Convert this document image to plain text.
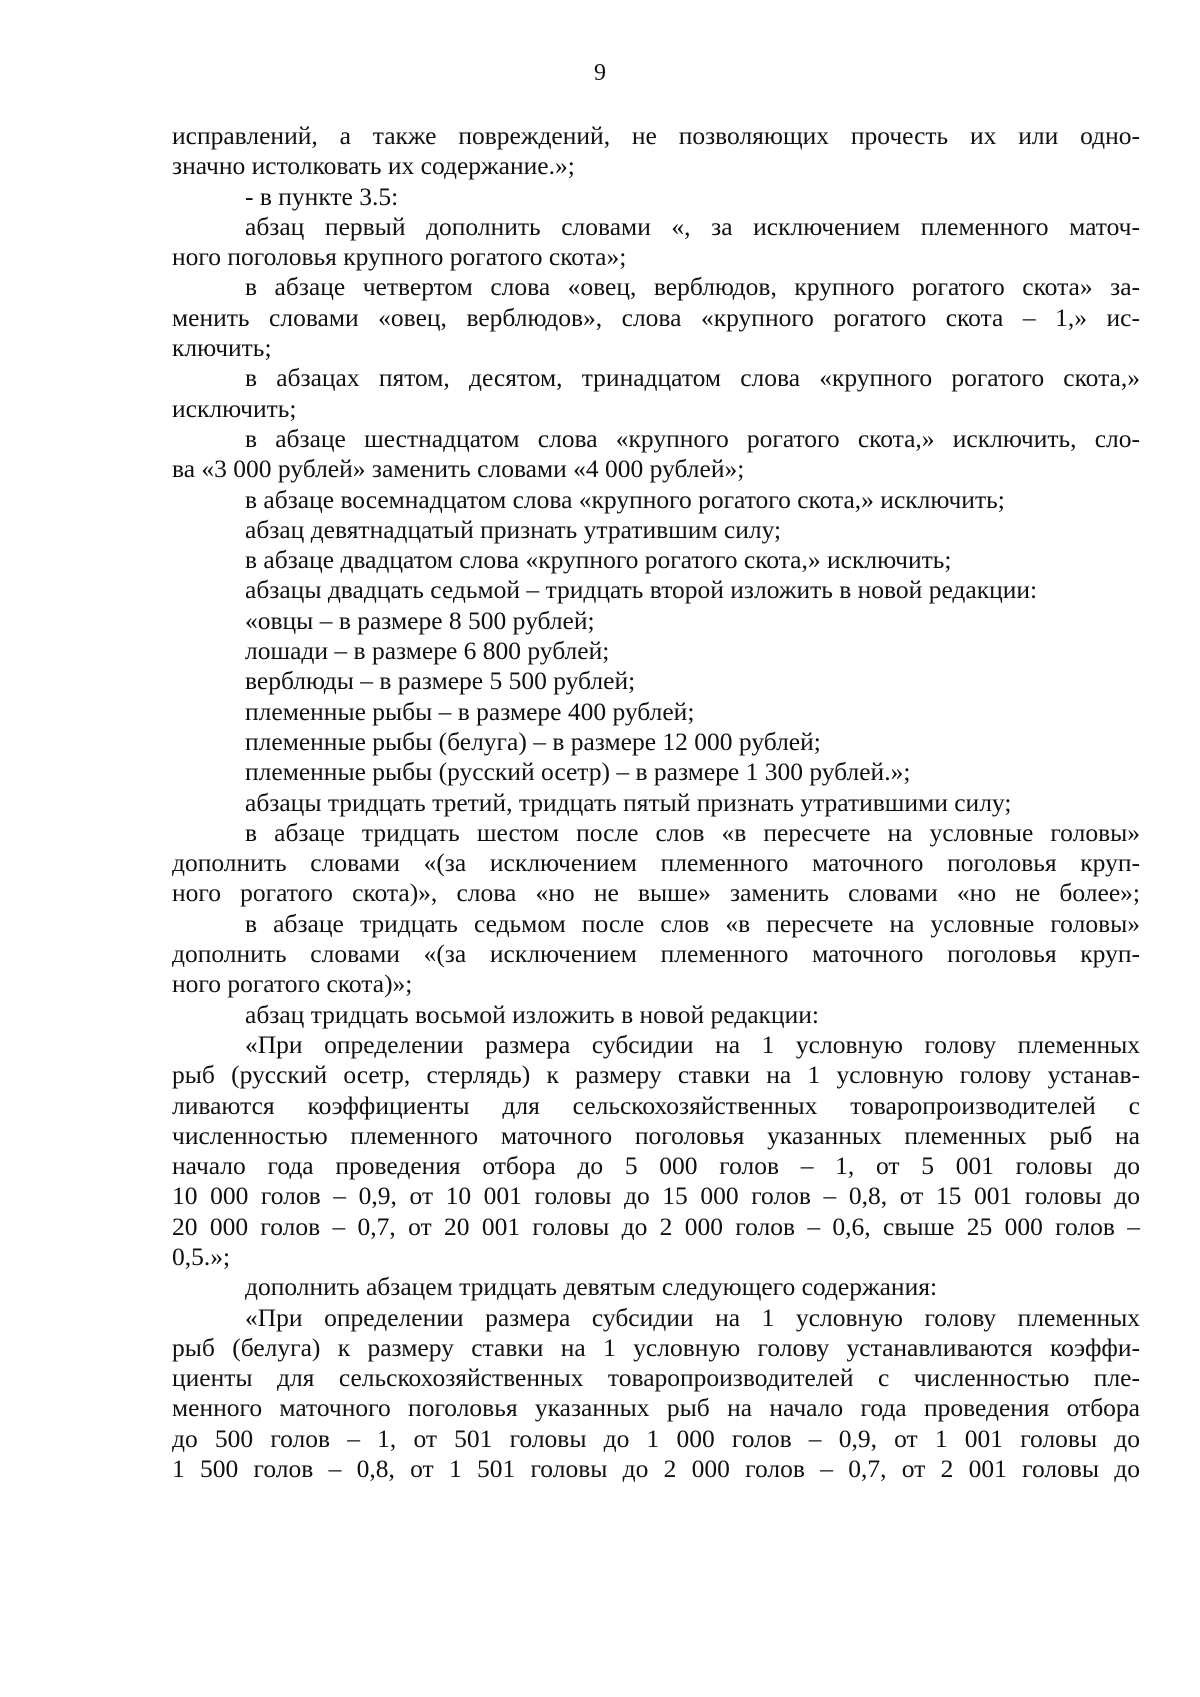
9
исправлений, а также повреждений, не позволяющих прочесть их или одно-
значно истолковать их содержание.»;
- в пункте 3.5:
абзац первый дополнить словами «, за исключением племенного маточ-
ного поголовья крупного рогатого скота»;
в абзаце четвертом слова «овец, верблюдов, крупного рогатого скота» за-
менить словами «овец, верблюдов», слова «крупного рогатого скота – 1,» ис-
ключить;
в абзацах пятом, десятом, тринадцатом слова «крупного рогатого скота,»
исключить;
в абзаце шестнадцатом слова «крупного рогатого скота,» исключить, сло-
ва «3 000 рублей» заменить словами «4 000 рублей»;
в абзаце восемнадцатом слова «крупного рогатого скота,» исключить;
абзац девятнадцатый признать утратившим силу;
в абзаце двадцатом слова «крупного рогатого скота,» исключить;
абзацы двадцать седьмой – тридцать второй изложить в новой редакции:
«овцы – в размере 8 500 рублей;
лошади – в размере 6 800 рублей;
верблюды – в размере 5 500 рублей;
племенные рыбы – в размере 400 рублей;
племенные рыбы (белуга) – в размере 12 000 рублей;
племенные рыбы (русский осетр) – в размере 1 300 рублей.»;
абзацы тридцать третий, тридцать пятый признать утратившими силу;
в абзаце тридцать шестом после слов «в пересчете на условные головы»
дополнить словами «(за исключением племенного маточного поголовья круп-
ного рогатого скота)», слова «но не выше» заменить словами «но не более»;
в абзаце тридцать седьмом после слов «в пересчете на условные головы»
дополнить словами «(за исключением племенного маточного поголовья круп-
ного рогатого скота)»;
абзац тридцать восьмой изложить в новой редакции:
«При определении размера субсидии на 1 условную голову племенных
рыб (русский осетр, стерлядь) к размеру ставки на 1 условную голову устанав-
ливаются коэффициенты для сельскохозяйственных товаропроизводителей с
численностью племенного маточного поголовья указанных племенных рыб на
начало года проведения отбора до 5 000 голов – 1, от 5 001 головы до
10 000 голов – 0,9, от 10 001 головы до 15 000 голов – 0,8, от 15 001 головы до
20 000 голов – 0,7, от 20 001 головы до 2 000 голов – 0,6, свыше 25 000 голов –
0,5.»;
дополнить абзацем тридцать девятым следующего содержания:
«При определении размера субсидии на 1 условную голову племенных
рыб (белуга) к размеру ставки на 1 условную голову устанавливаются коэффи-
циенты для сельскохозяйственных товаропроизводителей с численностью пле-
менного маточного поголовья указанных рыб на начало года проведения отбора
до 500 голов – 1, от 501 головы до 1 000 голов – 0,9, от 1 001 головы до
1 500 голов – 0,8, от 1 501 головы до 2 000 голов – 0,7, от 2 001 головы до
